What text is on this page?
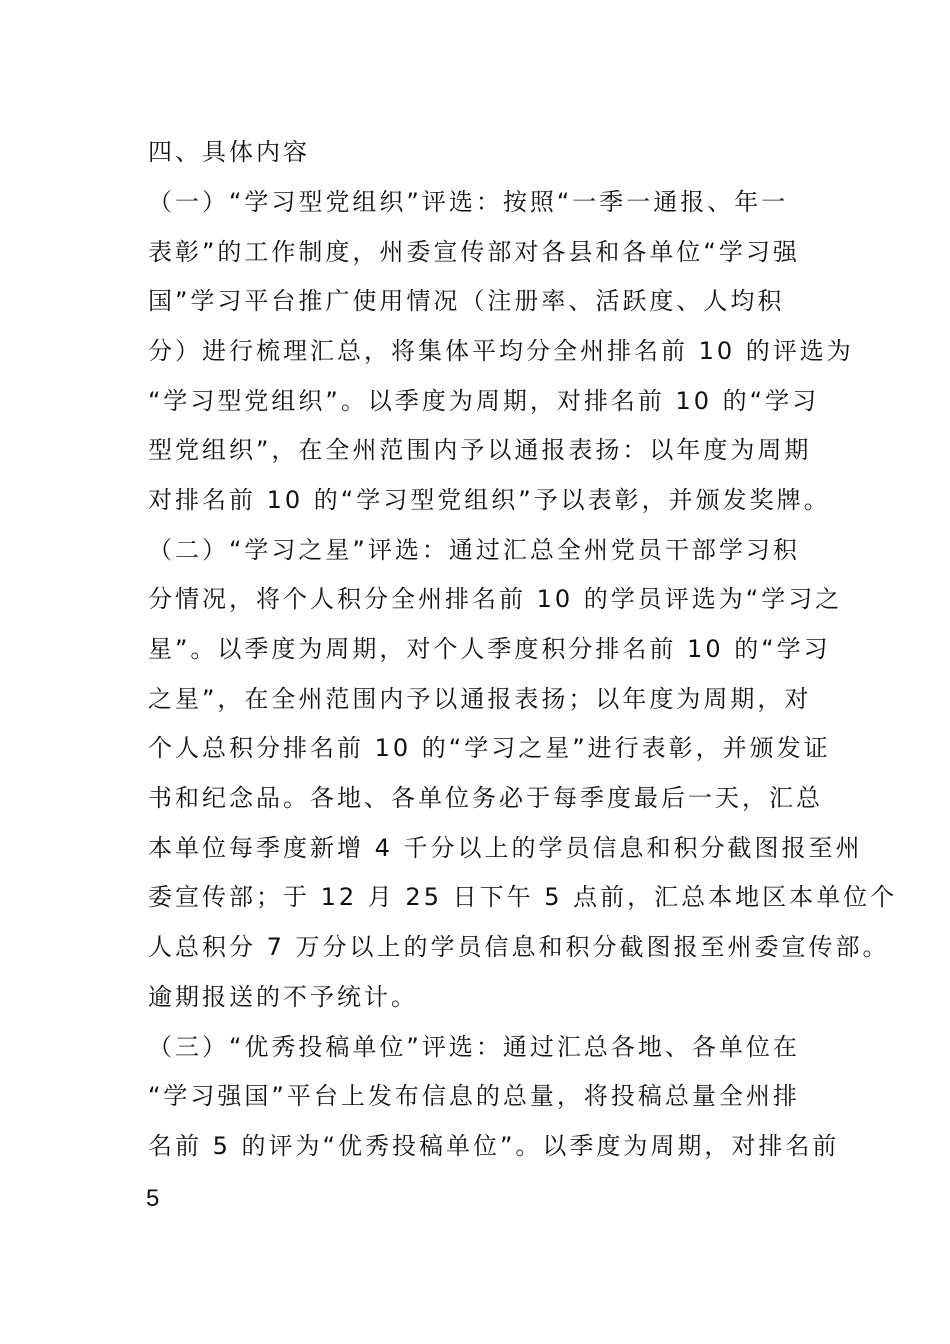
四、具体内容
（一）“学习型党组织”评选：按照“一季一通报、年一
表彰”的工作制度，州委宣传部对各县和各单位“学习强
国”学习平台推广使用情况（注册率、活跃度、人均积
分）进行梳理汇总，将集体平均分全州排名前 10 的评选为
“学习型党组织”。以季度为周期，对排名前 10 的“学习
型党组织”，在全州范围内予以通报表扬：以年度为周期
对排名前 10 的“学习型党组织”予以表彰，并颁发奖牌。
（二）“学习之星”评选：通过汇总全州党员干部学习积
分情况，将个人积分全州排名前 10 的学员评选为“学习之
星”。以季度为周期，对个人季度积分排名前 10 的“学习
之星”，在全州范围内予以通报表扬；以年度为周期，对
个人总积分排名前 10 的“学习之星”进行表彰，并颁发证
书和纪念品。各地、各单位务必于每季度最后一天，汇总
本单位每季度新增 4 千分以上的学员信息和积分截图报至州
委宣传部；于 12 月 25 日下午 5 点前，汇总本地区本单位个
人总积分 7 万分以上的学员信息和积分截图报至州委宣传部。
逾期报送的不予统计。
（三）“优秀投稿单位”评选：通过汇总各地、各单位在
“学习强国”平台上发布信息的总量，将投稿总量全州排
名前 5 的评为“优秀投稿单位”。以季度为周期，对排名前
5
